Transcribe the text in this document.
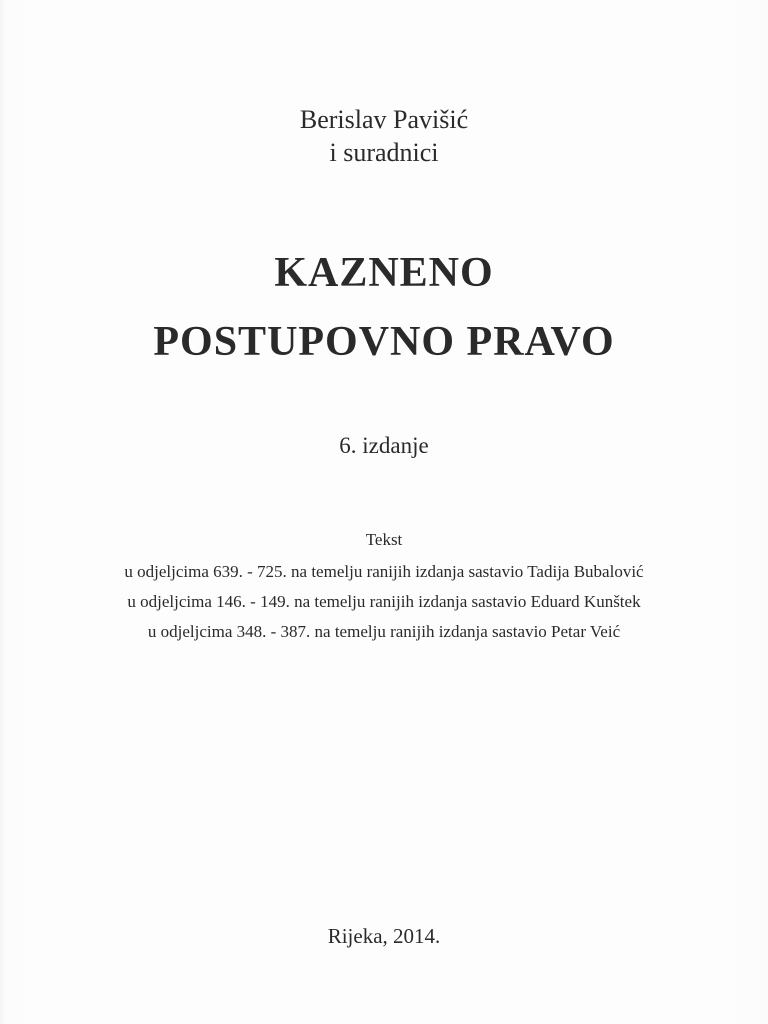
Berislav Pavišić
i suradnici
KAZNENO
POSTUPOVNO PRAVO
6. izdanje
Tekst
u odjeljcima 639. - 725. na temelju ranijih izdanja sastavio Tadija Bubalović
u odjeljcima 146. - 149. na temelju ranijih izdanja sastavio Eduard Kunštek
u odjeljcima 348. - 387. na temelju ranijih izdanja sastavio Petar Veić
Rijeka, 2014.
